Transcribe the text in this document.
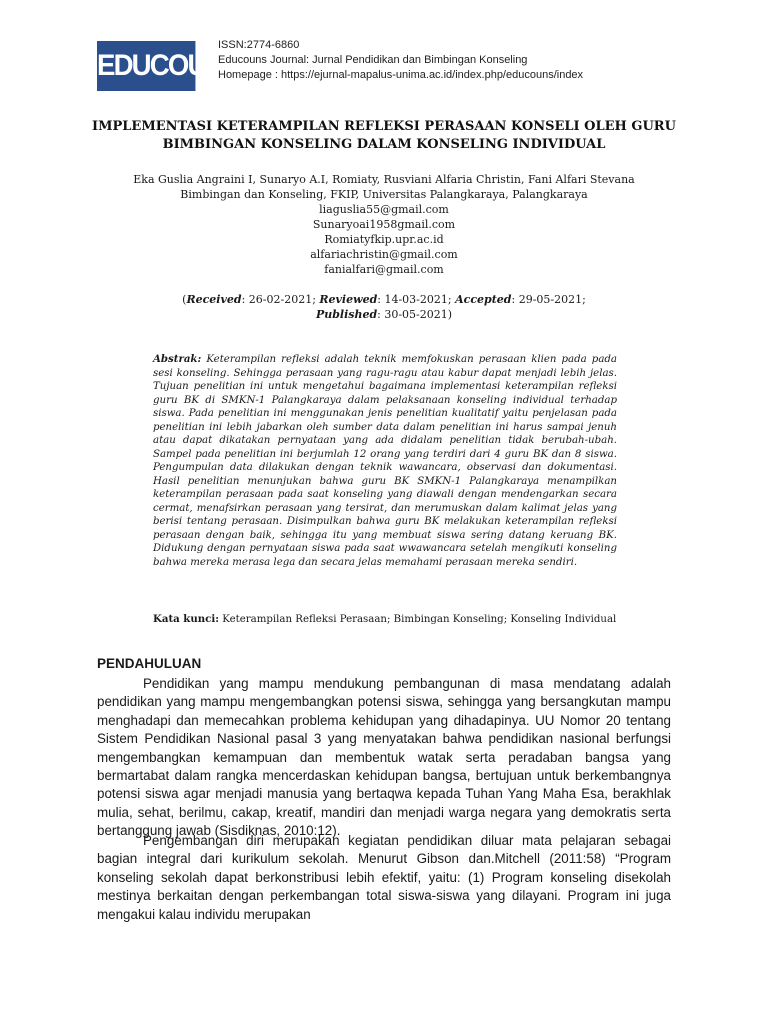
EDUCOUNS
ISSN:2774-6860
Educouns Journal: Jurnal Pendidikan dan Bimbingan Konseling
Homepage : https://ejurnal-mapalus-unima.ac.id/index.php/educouns/index
IMPLEMENTASI KETERAMPILAN REFLEKSI PERASAAN KONSELI OLEH GURU
BIMBINGAN KONSELING DALAM KONSELING INDIVIDUAL
Eka Guslia Angraini I, Sunaryo A.I, Romiaty, Rusviani Alfaria Christin, Fani Alfari Stevana
Bimbingan dan Konseling, FKIP, Universitas Palangkaraya, Palangkaraya
liaguslia55@gmail.com
Sunaryoai1958gmail.com
Romiatyfkip.upr.ac.id
alfariachristin@gmail.com
fanialfari@gmail.com
(Received: 26-02-2021; Reviewed: 14-03-2021; Accepted: 29-05-2021;
Published: 30-05-2021)
Abstrak: Keterampilan refleksi adalah teknik memfokuskan perasaan klien pada pada sesi konseling. Sehingga perasaan yang ragu-ragu atau kabur dapat menjadi lebih jelas. Tujuan penelitian ini untuk mengetahui bagaimana implementasi keterampilan refleksi guru BK di SMKN-1 Palangkaraya dalam pelaksanaan konseling individual terhadap siswa. Pada penelitian ini menggunakan jenis penelitian kualitatif yaitu penjelasan pada penelitian ini lebih jabarkan oleh sumber data dalam penelitian ini harus sampai jenuh atau dapat dikatakan pernyataan yang ada didalam penelitian tidak berubah-ubah. Sampel pada penelitian ini berjumlah 12 orang yang terdiri dari 4 guru BK dan 8 siswa. Pengumpulan data dilakukan dengan teknik wawancara, observasi dan dokumentasi. Hasil penelitian menunjukan bahwa guru BK SMKN-1 Palangkaraya menampilkan keterampilan perasaan pada saat konseling yang diawali dengan mendengarkan secara cermat, menafsirkan perasaan yang tersirat, dan merumuskan dalam kalimat jelas yang berisi tentang perasaan. Disimpulkan bahwa guru BK melakukan keterampilan refleksi perasaan dengan baik, sehingga itu yang membuat siswa sering datang keruang BK. Didukung dengan pernyataan siswa pada saat wwawancara setelah mengikuti konseling bahwa mereka merasa lega dan secara jelas memahami perasaan mereka sendiri.
Kata kunci: Keterampilan Refleksi Perasaan; Bimbingan Konseling; Konseling Individual
PENDAHULUAN
Pendidikan yang mampu mendukung pembangunan di masa mendatang adalah pendidikan yang mampu mengembangkan potensi siswa, sehingga yang bersangkutan mampu menghadapi dan memecahkan problema kehidupan yang dihadapinya. UU Nomor 20 tentang Sistem Pendidikan Nasional pasal 3 yang menyatakan bahwa pendidikan nasional berfungsi mengembangkan kemampuan dan membentuk watak serta peradaban bangsa yang bermartabat dalam rangka mencerdaskan kehidupan bangsa, bertujuan untuk berkembangnya potensi siswa agar menjadi manusia yang bertaqwa kepada Tuhan Yang Maha Esa, berakhlak mulia, sehat, berilmu, cakap, kreatif, mandiri dan menjadi warga negara yang demokratis serta bertanggung jawab (Sisdiknas, 2010:12).
Pengembangan diri merupakan kegiatan pendidikan diluar mata pelajaran sebagai bagian integral dari kurikulum sekolah. Menurut Gibson dan.Mitchell (2011:58) “Program konseling sekolah dapat berkonstribusi lebih efektif, yaitu: (1) Program konseling disekolah mestinya berkaitan dengan perkembangan total siswa-siswa yang dilayani. Program ini juga mengakui kalau individu merupakan
